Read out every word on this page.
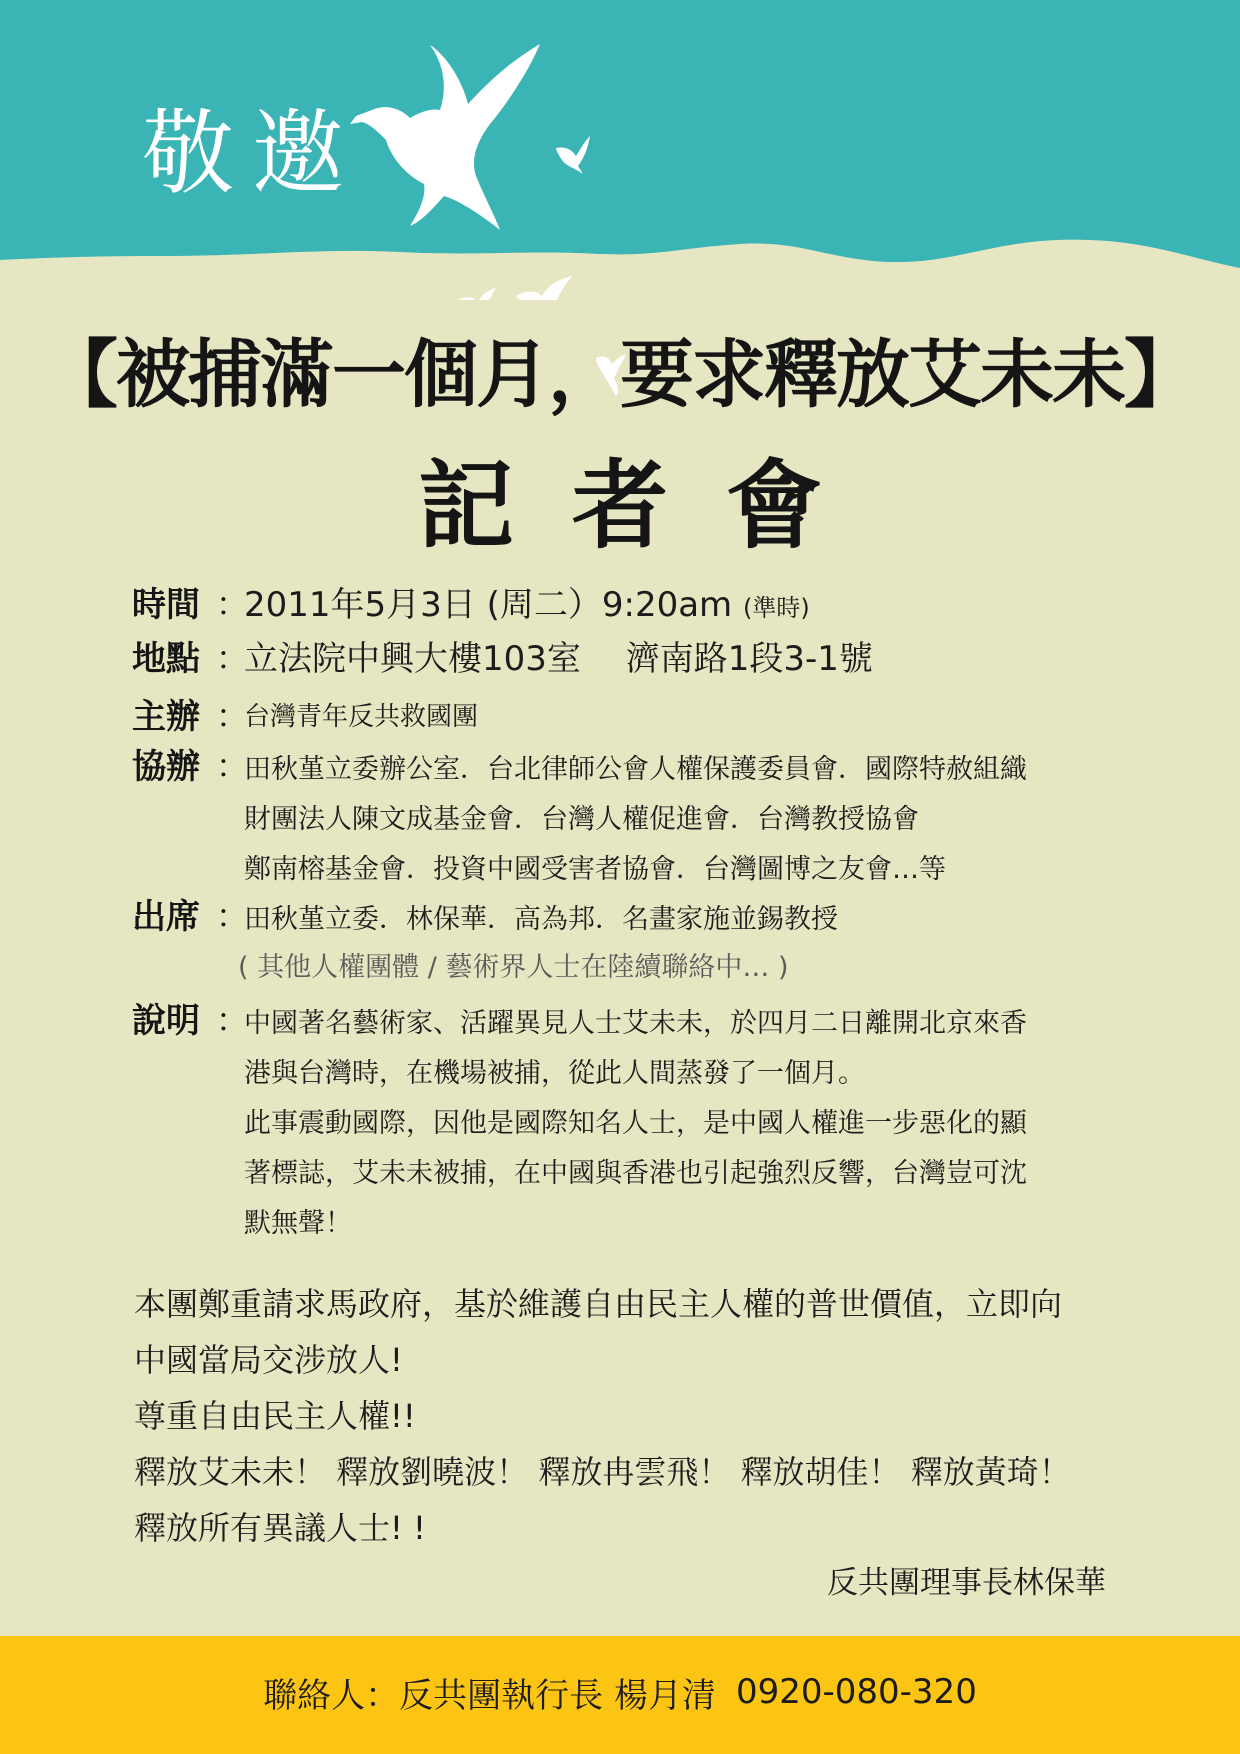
敬邀
【被捕滿一個月，要求釋放艾未未】
記者會
時間 ：
2011年5月3日 (周二）9:20am (準時)
地點 ：
立法院中興大樓103室　 濟南路1段3-1號
主辦 ：
台灣青年反共救國團
協辦 ：
田秋堇立委辦公室．台北律師公會人權保護委員會．國際特赦組織
財團法人陳文成基金會．台灣人權促進會．台灣教授協會
鄭南榕基金會．投資中國受害者協會．台灣圖博之友會…等
出席 ：
田秋堇立委．林保華．高為邦．名畫家施並錫教授
( 其他人權團體 / 藝術界人士在陸續聯絡中… )
說明 ：
中國著名藝術家、活躍異見人士艾未未，於四月二日離開北京來香
港與台灣時，在機場被捕，從此人間蒸發了一個月。
此事震動國際，因他是國際知名人士，是中國人權進一步惡化的顯
著標誌，艾未未被捕，在中國與香港也引起強烈反響，台灣豈可沈
默無聲！
本團鄭重請求馬政府，基於維護自由民主人權的普世價值，立即向
中國當局交涉放人!
尊重自由民主人權!!
釋放艾未未！ 釋放劉曉波！ 釋放冉雲飛！ 釋放胡佳！ 釋放黃琦！
釋放所有異議人士! !
反共團理事長林保華
聯絡人：反共團執行長 楊月清 0920-080-320
